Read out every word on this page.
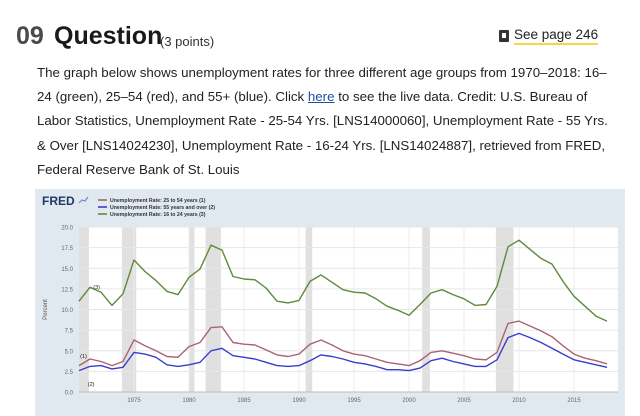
09 Question
(3 points)	See page 246
The graph below shows unemployment rates for three different age groups from 1970–2018: 16–24 (green), 25–54 (red), and 55+ (blue). Click here to see the live data. Credit: U.S. Bureau of Labor Statistics, Unemployment Rate - 25-54 Yrs. [LNS14000060], Unemployment Rate - 55 Yrs. & Over [LNS14024230], Unemployment Rate - 16-24 Yrs. [LNS14024887], retrieved from FRED, Federal Reserve Bank of St. Louis
0.0
2.5
5.0
7.5
10.0
12.5
15.0
17.5
20.0
1975	1980	1985	1990	1995	2000	2005	2010	2015
Percent
(1)
(2)
(3)
FRED	Unemployment Rate: 25 to 54 years (1)
Unemployment Rate: 55 years and over (2)
Unemployment Rate: 16 to 24 years (3)
